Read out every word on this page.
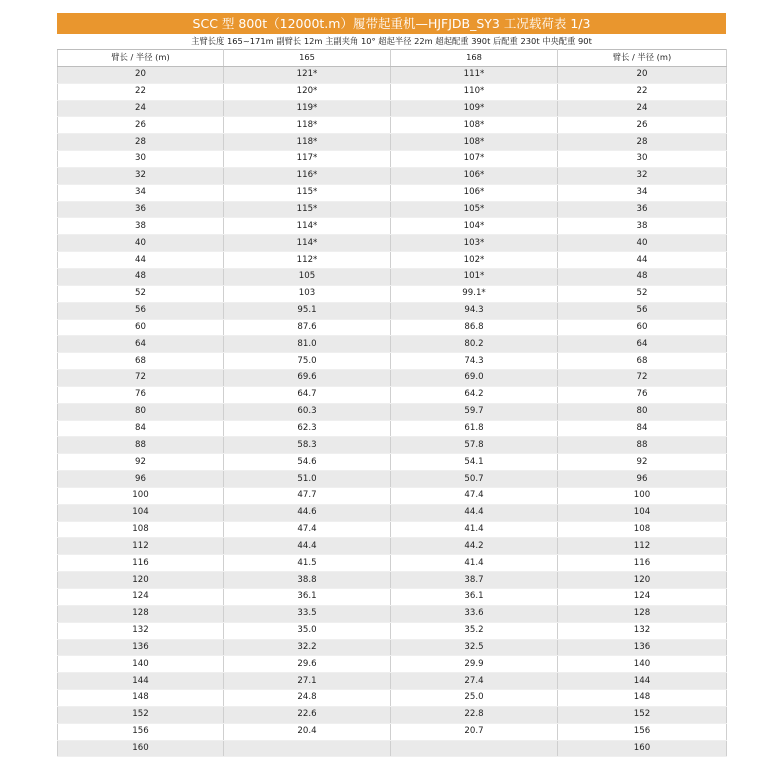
SCC 型 800t（12000t.m）履带起重机—HJFJDB_SY3 工况载荷表 1/3
主臂长度 165~171m 副臂长 12m 主副夹角 10° 超起半径 22m 超起配重 390t 后配重 230t 中央配重 90t
臂长 / 半径 (m)	165	168	臂长 / 半径 (m)
20	121*	111*	20
22	120*	110*	22
24	119*	109*	24
26	118*	108*	26
28	118*	108*	28
30	117*	107*	30
32	116*	106*	32
34	115*	106*	34
36	115*	105*	36
38	114*	104*	38
40	114*	103*	40
44	112*	102*	44
48	105	101*	48
52	103	99.1*	52
56	95.1	94.3	56
60	87.6	86.8	60
64	81.0	80.2	64
68	75.0	74.3	68
72	69.6	69.0	72
76	64.7	64.2	76
80	60.3	59.7	80
84	62.3	61.8	84
88	58.3	57.8	88
92	54.6	54.1	92
96	51.0	50.7	96
100	47.7	47.4	100
104	44.6	44.4	104
108	47.4	41.4	108
112	44.4	44.2	112
116	41.5	41.4	116
120	38.8	38.7	120
124	36.1	36.1	124
128	33.5	33.6	128
132	35.0	35.2	132
136	32.2	32.5	136
140	29.6	29.9	140
144	27.1	27.4	144
148	24.8	25.0	148
152	22.6	22.8	152
156	20.4	20.7	156
160			160
